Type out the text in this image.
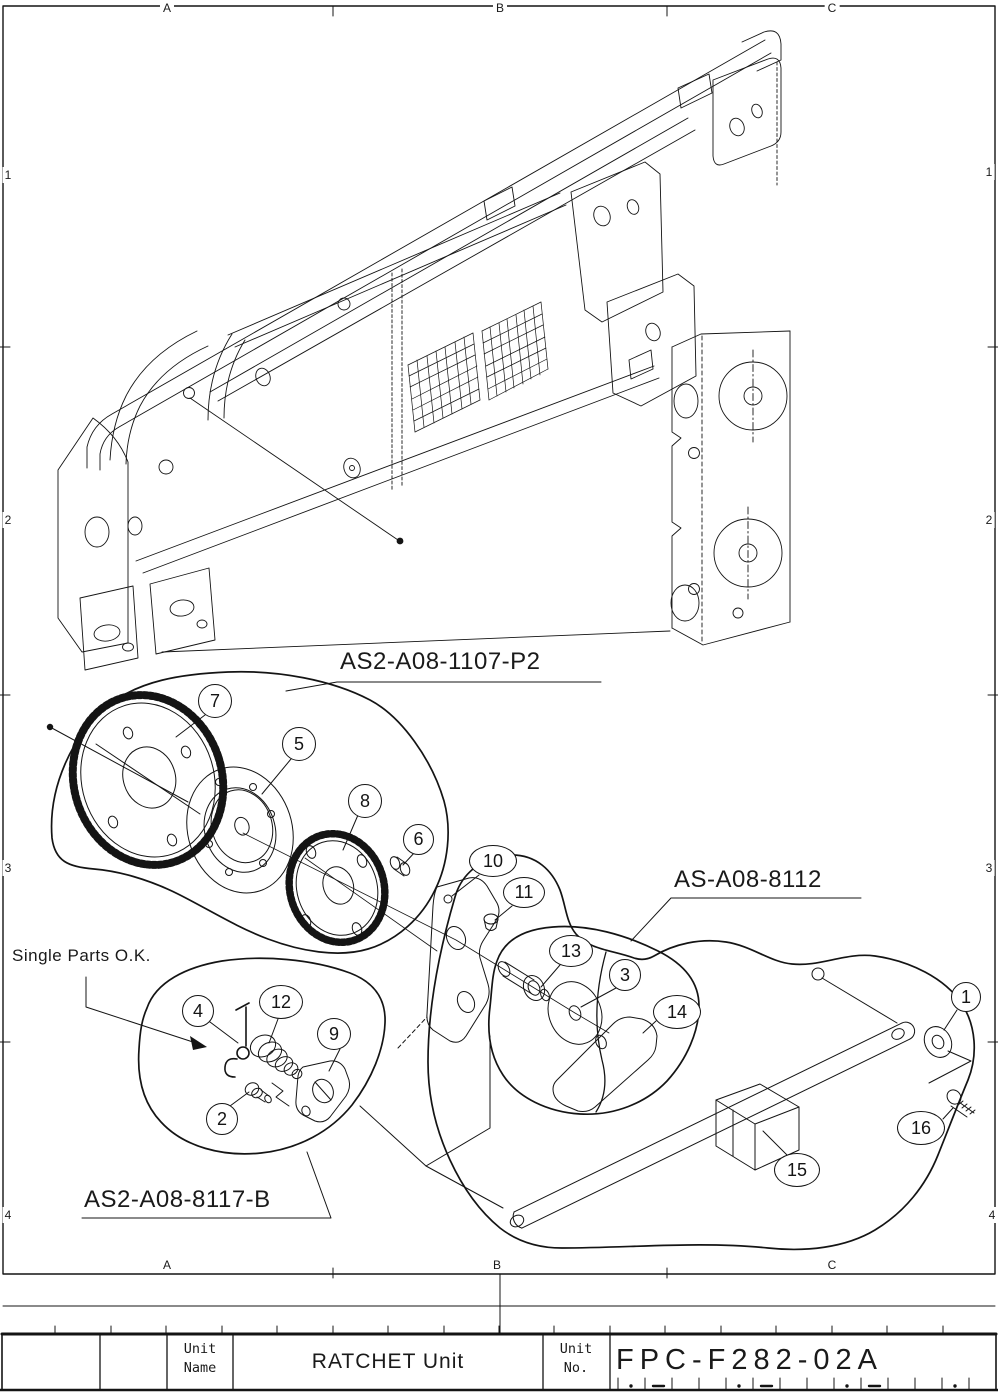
A	B	C
A	B	C
1
2
3
4
1
2
3
4
AS2-A08-1107-P2
AS-A08-8112
AS2-A08-8117-B
Single Parts O.K.
1
2
3
4
5
6
7
8
9
10
11
12
13
14
15
16
Unit
Name	RATCHET Unit
Unit
No. FPC-F282-02A
